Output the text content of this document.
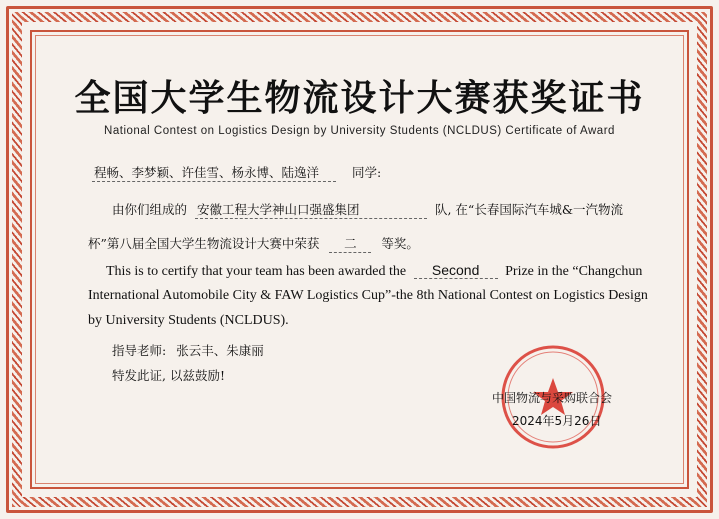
全国大学生物流设计大赛获奖证书
National Contest on Logistics Design by University Students (NCLDUS) Certificate of Award
程畅、李梦颖、许佳雪、杨永博、陆逸洋	同学:
由你们组成的 安徽工程大学神山口强盛集团	队, 在“长春国际汽车城&一汽物流
杯”第八届全国大学生物流设计大赛中荣获 二 等奖。
This is to certify that your team has been awarded the Second Prize in the “Changchun
International Automobile City & FAW Logistics Cup”-the 8th National Contest on Logistics Design
by University Students (NCLDUS).
指导老师: 张云丰、朱康丽
特发此证, 以兹鼓励!
中国物流与采购联合会
2024年5月26日
